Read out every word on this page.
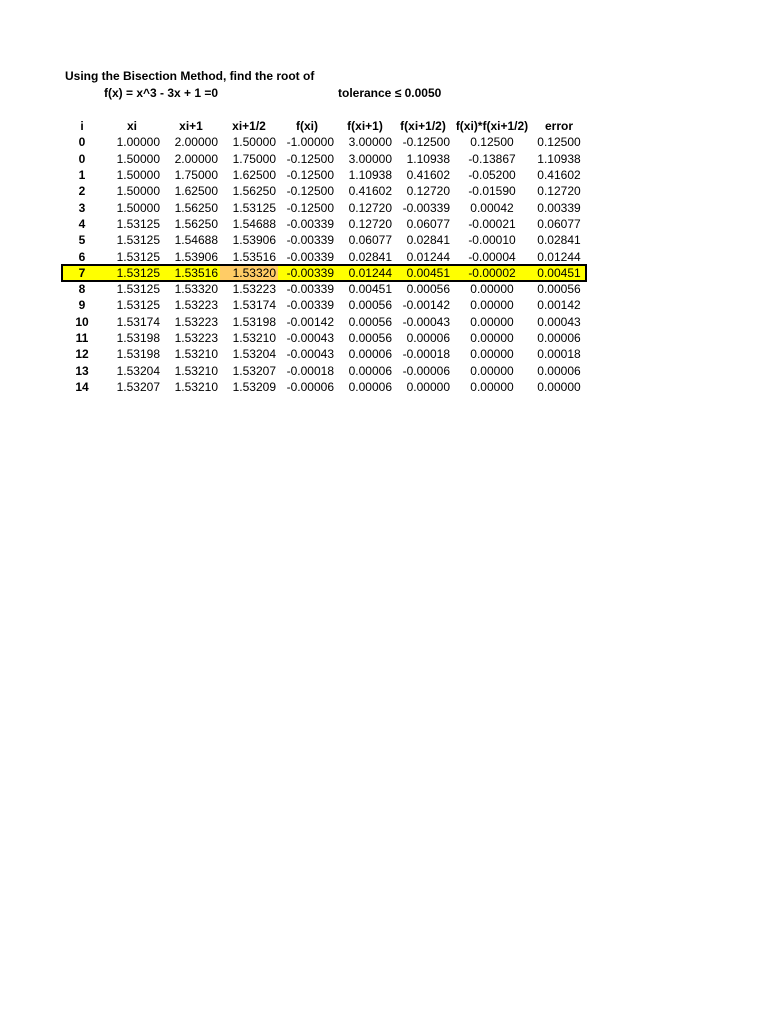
Using the Bisection Method, find the root of
f(x) = x^3 - 3x + 1 =0	tolerance ≤ 0.0050
i	xi	xi+1	xi+1/2	f(xi)	f(xi+1)	f(xi+1/2)	f(xi)*f(xi+1/2)	error
0	1.00000	2.00000	1.50000	-1.00000	3.00000	-0.12500	0.12500	0.12500
0	1.50000	2.00000	1.75000	-0.12500	3.00000	1.10938	-0.13867	1.10938
1	1.50000	1.75000	1.62500	-0.12500	1.10938	0.41602	-0.05200	0.41602
2	1.50000	1.62500	1.56250	-0.12500	0.41602	0.12720	-0.01590	0.12720
3	1.50000	1.56250	1.53125	-0.12500	0.12720	-0.00339	0.00042	0.00339
4	1.53125	1.56250	1.54688	-0.00339	0.12720	0.06077	-0.00021	0.06077
5	1.53125	1.54688	1.53906	-0.00339	0.06077	0.02841	-0.00010	0.02841
6	1.53125	1.53906	1.53516	-0.00339	0.02841	0.01244	-0.00004	0.01244
7	1.53125	1.53516	1.53320	-0.00339	0.01244	0.00451	-0.00002	0.00451
8	1.53125	1.53320	1.53223	-0.00339	0.00451	0.00056	0.00000	0.00056
9	1.53125	1.53223	1.53174	-0.00339	0.00056	-0.00142	0.00000	0.00142
10	1.53174	1.53223	1.53198	-0.00142	0.00056	-0.00043	0.00000	0.00043
11	1.53198	1.53223	1.53210	-0.00043	0.00056	0.00006	0.00000	0.00006
12	1.53198	1.53210	1.53204	-0.00043	0.00006	-0.00018	0.00000	0.00018
13	1.53204	1.53210	1.53207	-0.00018	0.00006	-0.00006	0.00000	0.00006
14	1.53207	1.53210	1.53209	-0.00006	0.00006	0.00000	0.00000	0.00000
